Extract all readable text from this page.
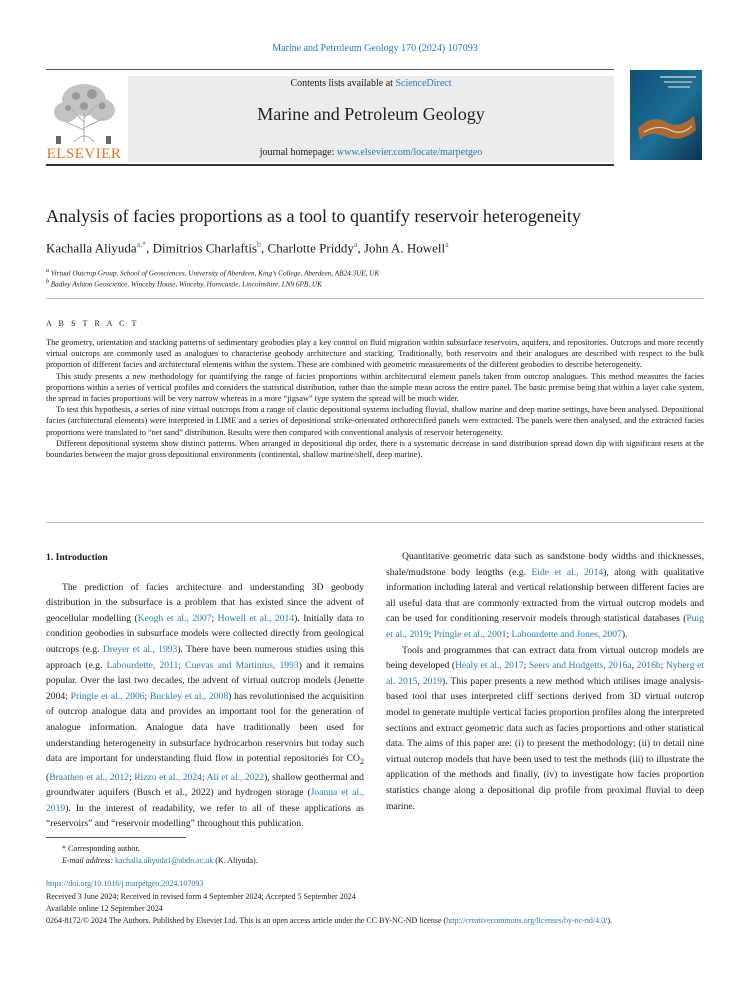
Marine and Petroleum Geology 170 (2024) 107093
ELSEVIER
Contents lists available at ScienceDirect
Marine and Petroleum Geology
journal homepage: www.elsevier.com/locate/marpetgeo
Analysis of facies proportions as a tool to quantify reservoir heterogeneity
Kachalla Aliyuda$^{a,*}$, Dimitrios Charlaftis$^b$, Charlotte Priddy$^a$, John A. Howell$^a$
$^a$ Virtual Outcrop Group, School of Geosciences, University of Aberdeen, King’s College, Aberdeen, AB24 3UE, UK
$^b$ Badley Ashton Geoscience, Winceby House, Winceby, Horncastle, Lincolnshire, LN9 6PB, UK
A B S T R A C T

The geometry, orientation and stacking patterns of sedimentary geobodies play a key control on fluid migration within subsurface reservoirs, aquifers, and repositories. Outcrops and more recently virtual outcrops are commonly used as analogues to characterise geobody architecture and stacking. Traditionally, both reservoirs and their analogues are described with respect to the bulk proportion of different facies and architectural elements within the system. These are combined with geometric measurements of the different geobodies to describe heterogeneity.

This study presents a new methodology for quantifying the range of facies proportions within architectural element panels taken from outcrop analogues. This method measures the facies proportions within a series of vertical profiles and considers the statistical distribution, rather than the simple mean across the entire panel. The basic premise being that within a layer cake system, the spread in facies proportions will be very narrow whereas in a more “jigsaw” type system the spread will be much wider.

To test this hypothesis, a series of nine virtual outcrops from a range of clastic depositional systems including fluvial, shallow marine and deep marine settings, have been analysed. Depositional facies (architectural elements) were interpreted in LIME and a series of depositional strike-orientated orthorectified panels were extracted. The panels were then analysed, and the extracted facies proportions were translated to “net sand” distribution. Results were then compared with conventional analysis of reservoir heterogeneity.

Different depositional systems show distinct patterns. When arranged in depositional dip order, there is a systematic decrease in sand distribution spread down dip with significant resets at the boundaries between the major gross depositional environments (continental, shallow marine/shelf, deep marine).

1. Introduction

The prediction of facies architecture and understanding 3D geobody distribution in the subsurface is a problem that has existed since the advent of geocellular modelling (Keogh et al., 2007; Howell et al., 2014). Initially data to condition geobodies in subsurface models were collected directly from geological outcrops (e.g. Dreyer et al., 1993). There have been numerous studies using this approach (e.g. Labourdette, 2011; Cuevas and Martinius, 1993) and it remains popular. Over the last two decades, the advent of virtual outcrop models (Jenette 2004; Pringle et al., 2006; Buckley et al., 2008) has revolutionised the acquisition of outcrop analogue data and provides an important tool for the generation of analogue information. Analogue data have traditionally been used for understanding heterogeneity in subsurface hydrocarbon reservoirs but today such data are important for understanding fluid flow in potential repositories for $CO_2$ (Braathen et al., 2012; Rizzo et al., 2024; Ali et al., 2022), shallow geothermal and groundwater aquifers (Busch et al., 2022) and hydrogen storage (Joanna et al., 2019). In the interest of readability, we refer to all of these applications as “reservoirs” and “reservoir modelling” throughout this publication.

Quantitative geometric data such as sandstone body widths and thicknesses, shale/mudstone body lengths (e.g. Eide et al., 2014), along with qualitative information including lateral and vertical relationship between different facies are all useful data that are commonly extracted from the virtual outcrop models and can be used for conditioning reservoir models through statistical databases (Puig et al., 2019; Pringle et al., 2001; Labourdette and Jones, 2007).

Tools and programmes that can extract data from virtual outcrop models are being developed (Healy et al., 2017; Seers and Hodgetts, 2016a, 2016b; Nyberg et al. 2015, 2019). This paper presents a new method which utilises image analysis-based tool that uses interpreted cliff sections derived from 3D virtual outcrop model to generate multiple vertical facies proportion profiles along the interpreted sections and extract geometric data such as facies proportions and other statistical data. The aims of this paper are: (i) to present the methodology; (ii) to detail nine virtual outcrop models that have been used to test the methods (iii) to illustrate the application of the methods and finally, (iv) to investigate how facies proportion statistics change along a depositional dip profile from proximal fluvial to deep marine.

* Corresponding author.
E-mail address: kachalla.aliyuda1@abdn.ac.uk (K. Aliyuda).
https://doi.org/10.1016/j.marpetgeo.2024.107093
Received 3 June 2024; Received in revised form 4 September 2024; Accepted 5 September 2024
Available online 12 September 2024
0264-8172/© 2024 The Authors. Published by Elsevier Ltd. This is an open access article under the CC BY-NC-ND license (http://creativecommons.org/licenses/by-nc-nd/4.0/).
